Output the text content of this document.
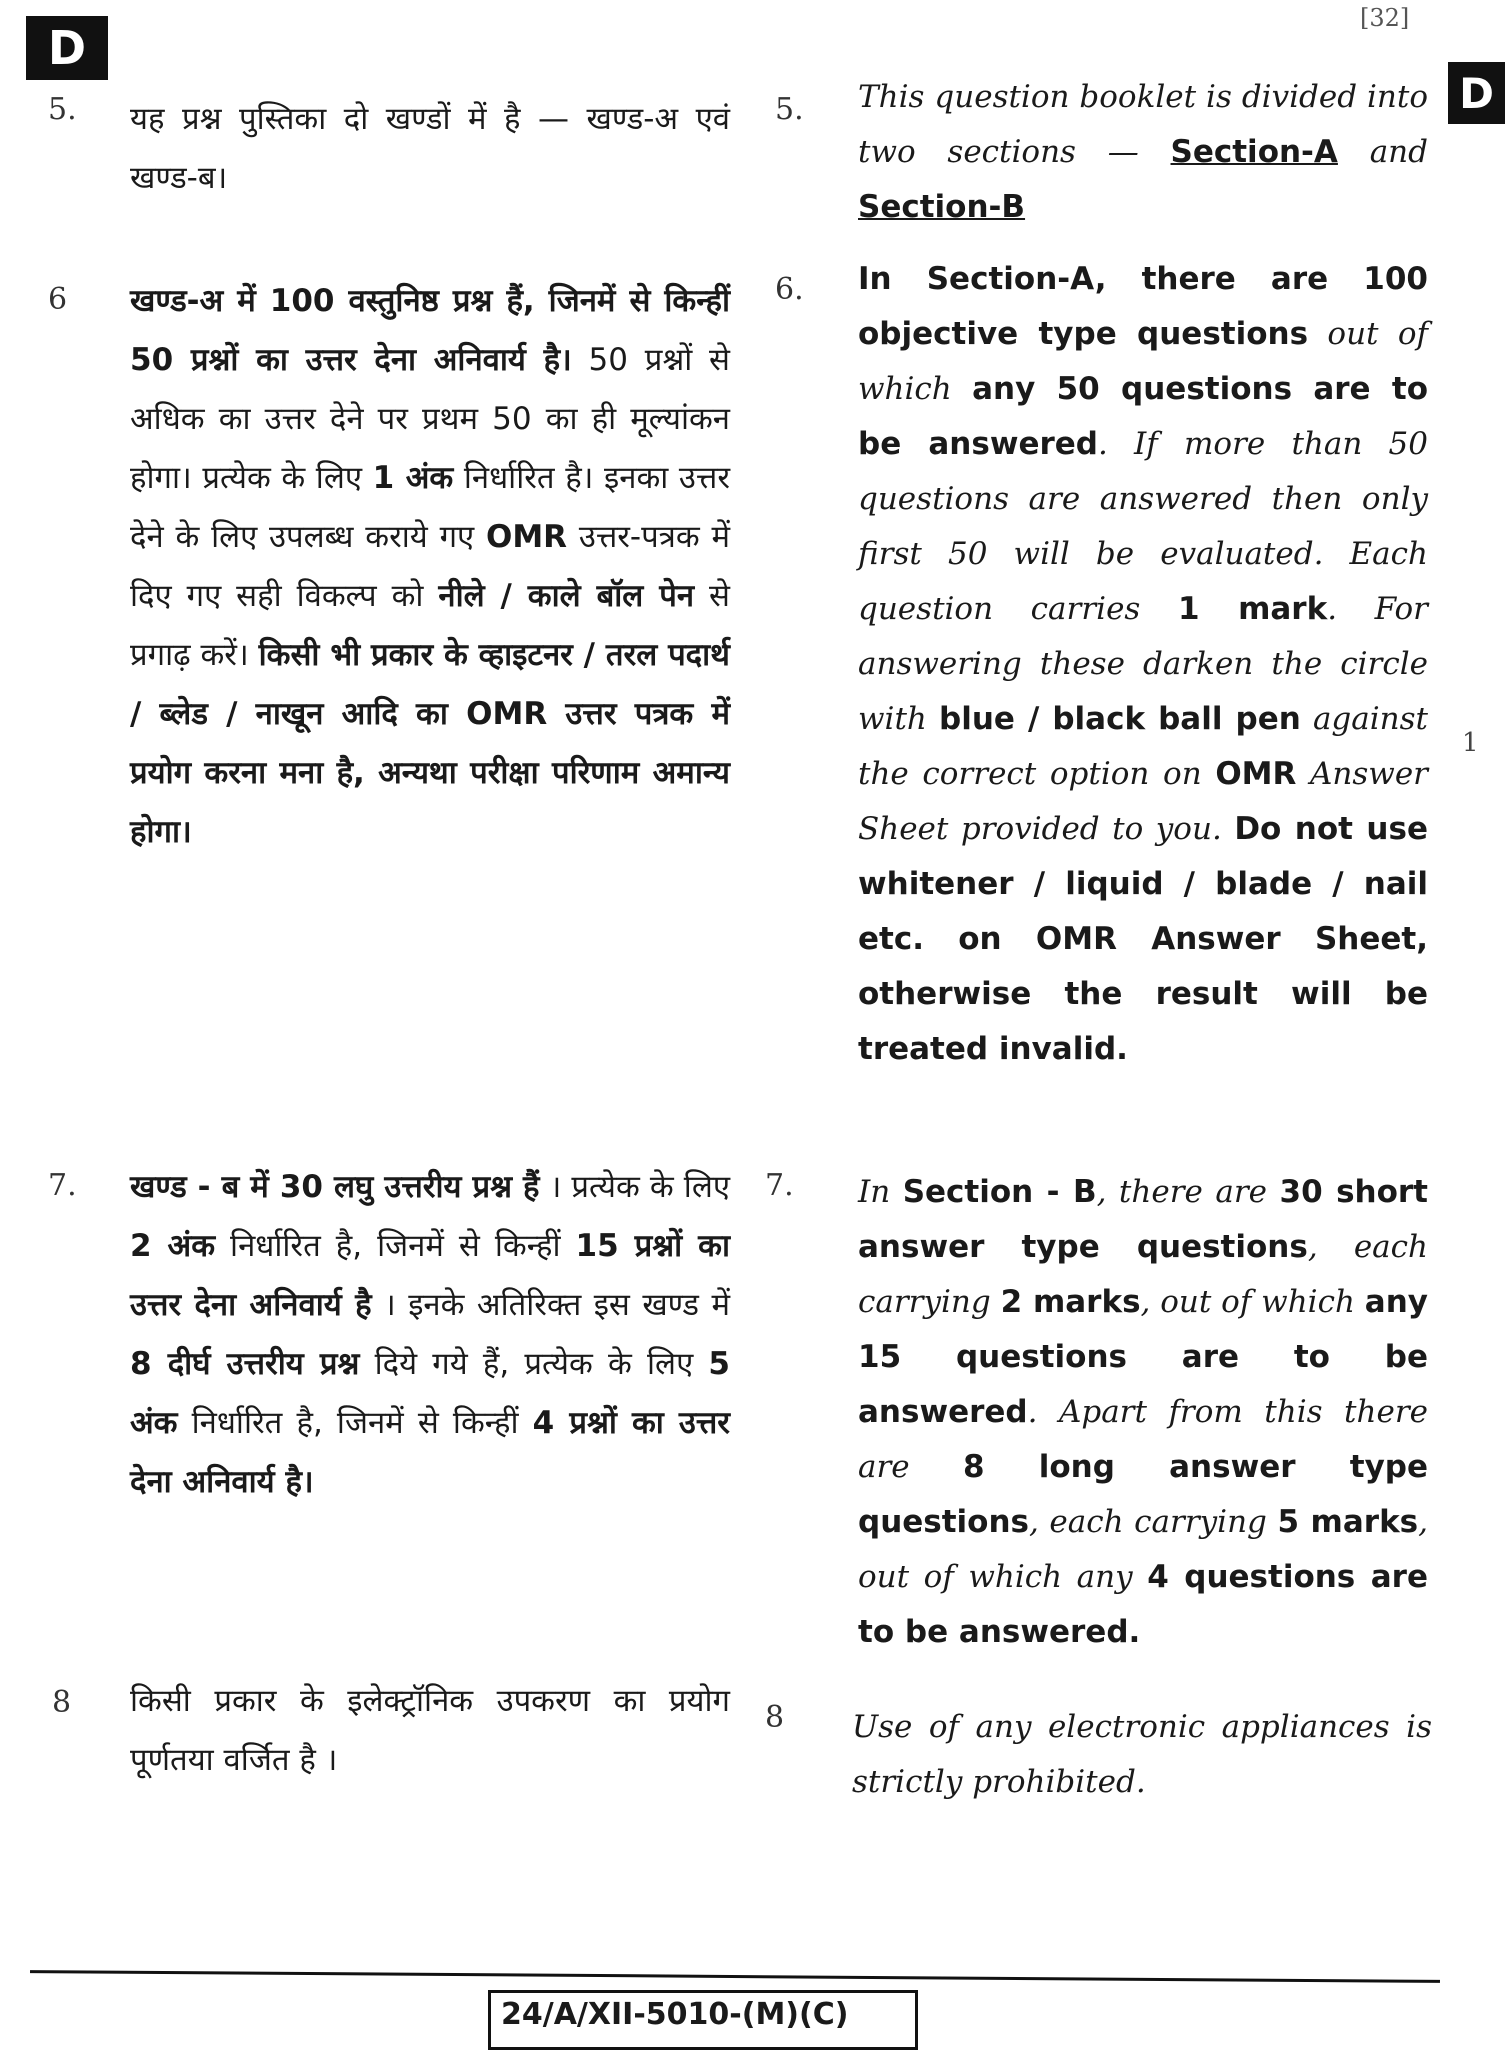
D
D
[32]
1
5. यह प्रश्न पुस्तिका दो खण्डों में है — खण्ड-अ एवं खण्ड-ब।
5. This question booklet is divided into two sections — Section-A and Section-B
6 खण्ड-अ में 100 वस्तुनिष्ठ प्रश्न हैं, जिनमें से किन्हीं 50 प्रश्नों का उत्तर देना अनिवार्य है। 50 प्रश्नों से अधिक का उत्तर देने पर प्रथम 50 का ही मूल्यांकन होगा। प्रत्येक के लिए 1 अंक निर्धारित है। इनका उत्तर देने के लिए उपलब्ध कराये गए OMR उत्तर-पत्रक में दिए गए सही विकल्प को नीले / काले बॉल पेन से प्रगाढ़ करें। किसी भी प्रकार के व्हाइटनर / तरल पदार्थ / ब्लेड / नाखून आदि का OMR उत्तर पत्रक में प्रयोग करना मना है, अन्यथा परीक्षा परिणाम अमान्य होगा।
6. In Section-A, there are 100 objective type questions out of which any 50 questions are to be answered. If more than 50 questions are answered then only first 50 will be evaluated. Each question carries 1 mark. For answering these darken the circle with blue / black ball pen against the correct option on OMR Answer Sheet provided to you. Do not use whitener / liquid / blade / nail etc. on OMR Answer Sheet, otherwise the result will be treated invalid.
7. खण्ड - ब में 30 लघु उत्तरीय प्रश्न हैं । प्रत्येक के लिए 2 अंक निर्धारित है, जिनमें से किन्हीं 15 प्रश्नों का उत्तर देना अनिवार्य है । इनके अतिरिक्त इस खण्ड में 8 दीर्घ उत्तरीय प्रश्न दिये गये हैं, प्रत्येक के लिए 5 अंक निर्धारित है, जिनमें से किन्हीं 4 प्रश्नों का उत्तर देना अनिवार्य है।
7. In Section - B, there are 30 short answer type questions, each carrying 2 marks, out of which any 15 questions are to be answered. Apart from this there are 8 long answer type questions, each carrying 5 marks, out of which any 4 questions are to be answered.
8 किसी प्रकार के इलेक्ट्रॉनिक उपकरण का प्रयोग पूर्णतया वर्जित है ।
8 Use of any electronic appliances is strictly prohibited.
24/A/XII-5010-(M)(C)
